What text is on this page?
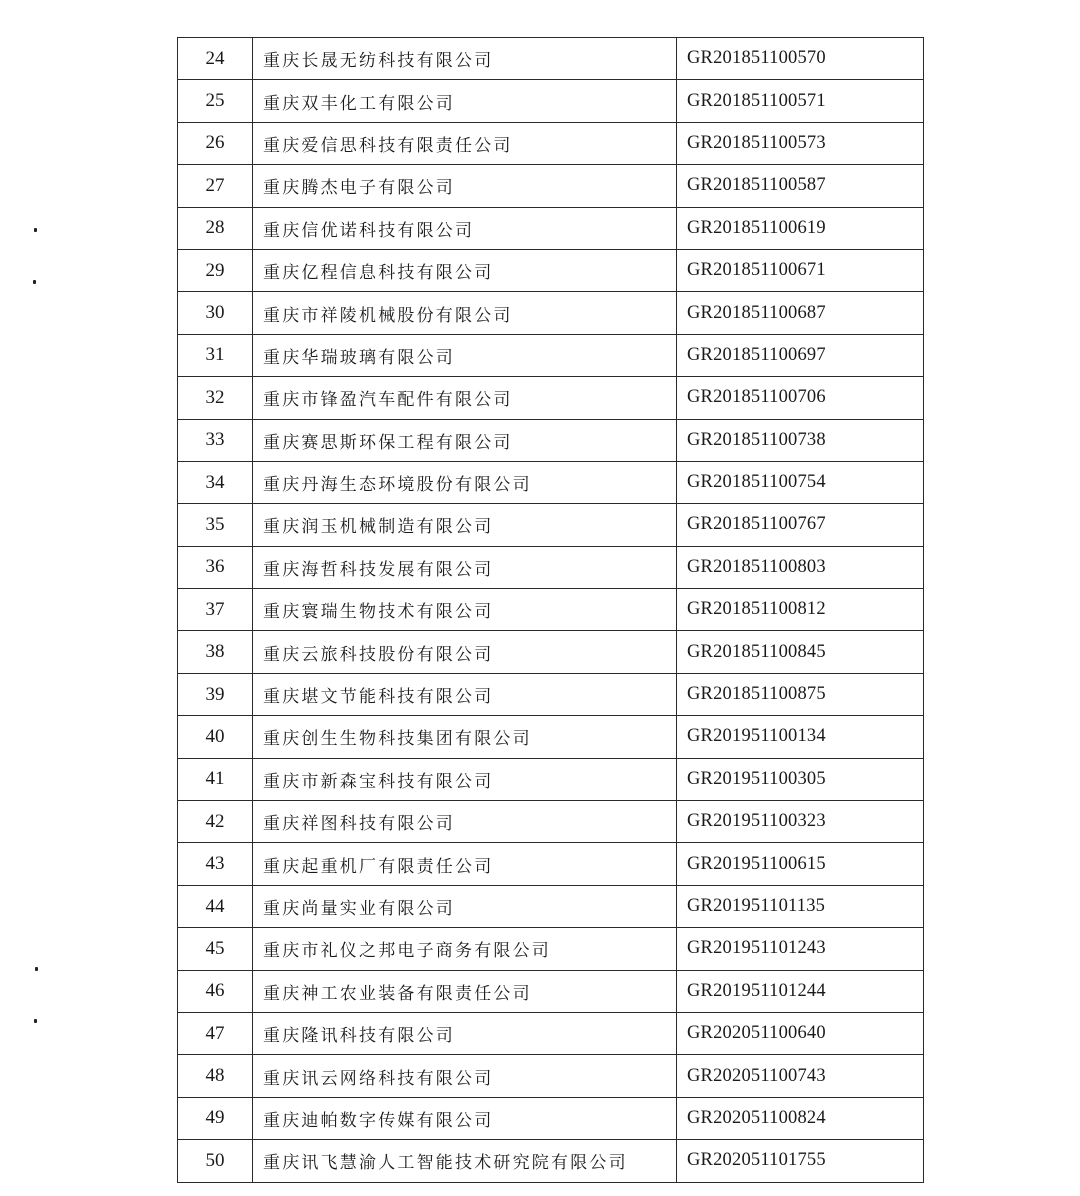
24	重庆长晟无纺科技有限公司	GR201851100570
25	重庆双丰化工有限公司	GR201851100571
26	重庆爱信思科技有限责任公司	GR201851100573
27	重庆腾杰电子有限公司	GR201851100587
28	重庆信优诺科技有限公司	GR201851100619
29	重庆亿程信息科技有限公司	GR201851100671
30	重庆市祥陵机械股份有限公司	GR201851100687
31	重庆华瑞玻璃有限公司	GR201851100697
32	重庆市锋盈汽车配件有限公司	GR201851100706
33	重庆赛思斯环保工程有限公司	GR201851100738
34	重庆丹海生态环境股份有限公司	GR201851100754
35	重庆润玉机械制造有限公司	GR201851100767
36	重庆海哲科技发展有限公司	GR201851100803
37	重庆寰瑞生物技术有限公司	GR201851100812
38	重庆云旅科技股份有限公司	GR201851100845
39	重庆堪文节能科技有限公司	GR201851100875
40	重庆创生生物科技集团有限公司	GR201951100134
41	重庆市新森宝科技有限公司	GR201951100305
42	重庆祥图科技有限公司	GR201951100323
43	重庆起重机厂有限责任公司	GR201951100615
44	重庆尚量实业有限公司	GR201951101135
45	重庆市礼仪之邦电子商务有限公司	GR201951101243
46	重庆神工农业装备有限责任公司	GR201951101244
47	重庆隆讯科技有限公司	GR202051100640
48	重庆讯云网络科技有限公司	GR202051100743
49	重庆迪帕数字传媒有限公司	GR202051100824
50	重庆讯飞慧渝人工智能技术研究院有限公司	GR202051101755
